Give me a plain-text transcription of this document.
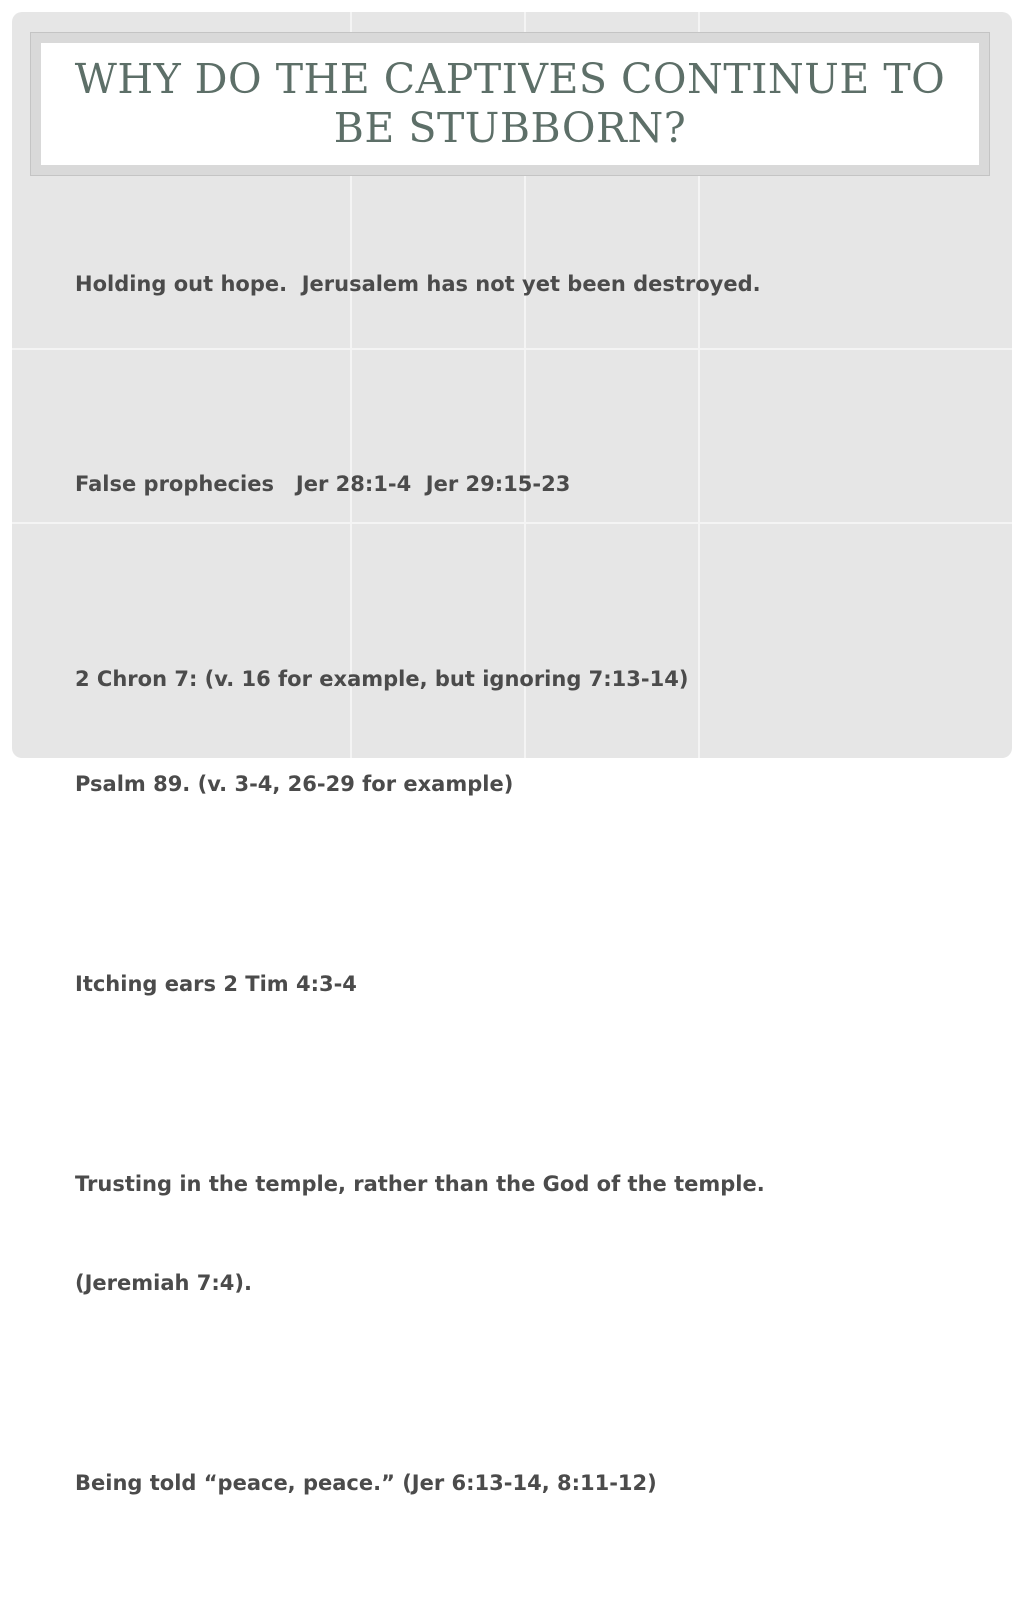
WHY DO THE CAPTIVES CONTINUE TO BE STUBBORN?

Holding out hope.  Jerusalem has not yet been destroyed.

False prophecies   Jer 28:1-4  Jer 29:15-23

2 Chron 7: (v. 16 for example, but ignoring 7:13-14)

Psalm 89. (v. 3-4, 26-29 for example)

Itching ears 2 Tim 4:3-4

Trusting in the temple, rather than the God of the temple.

(Jeremiah 7:4).

Being told “peace, peace.” (Jer 6:13-14, 8:11-12)
